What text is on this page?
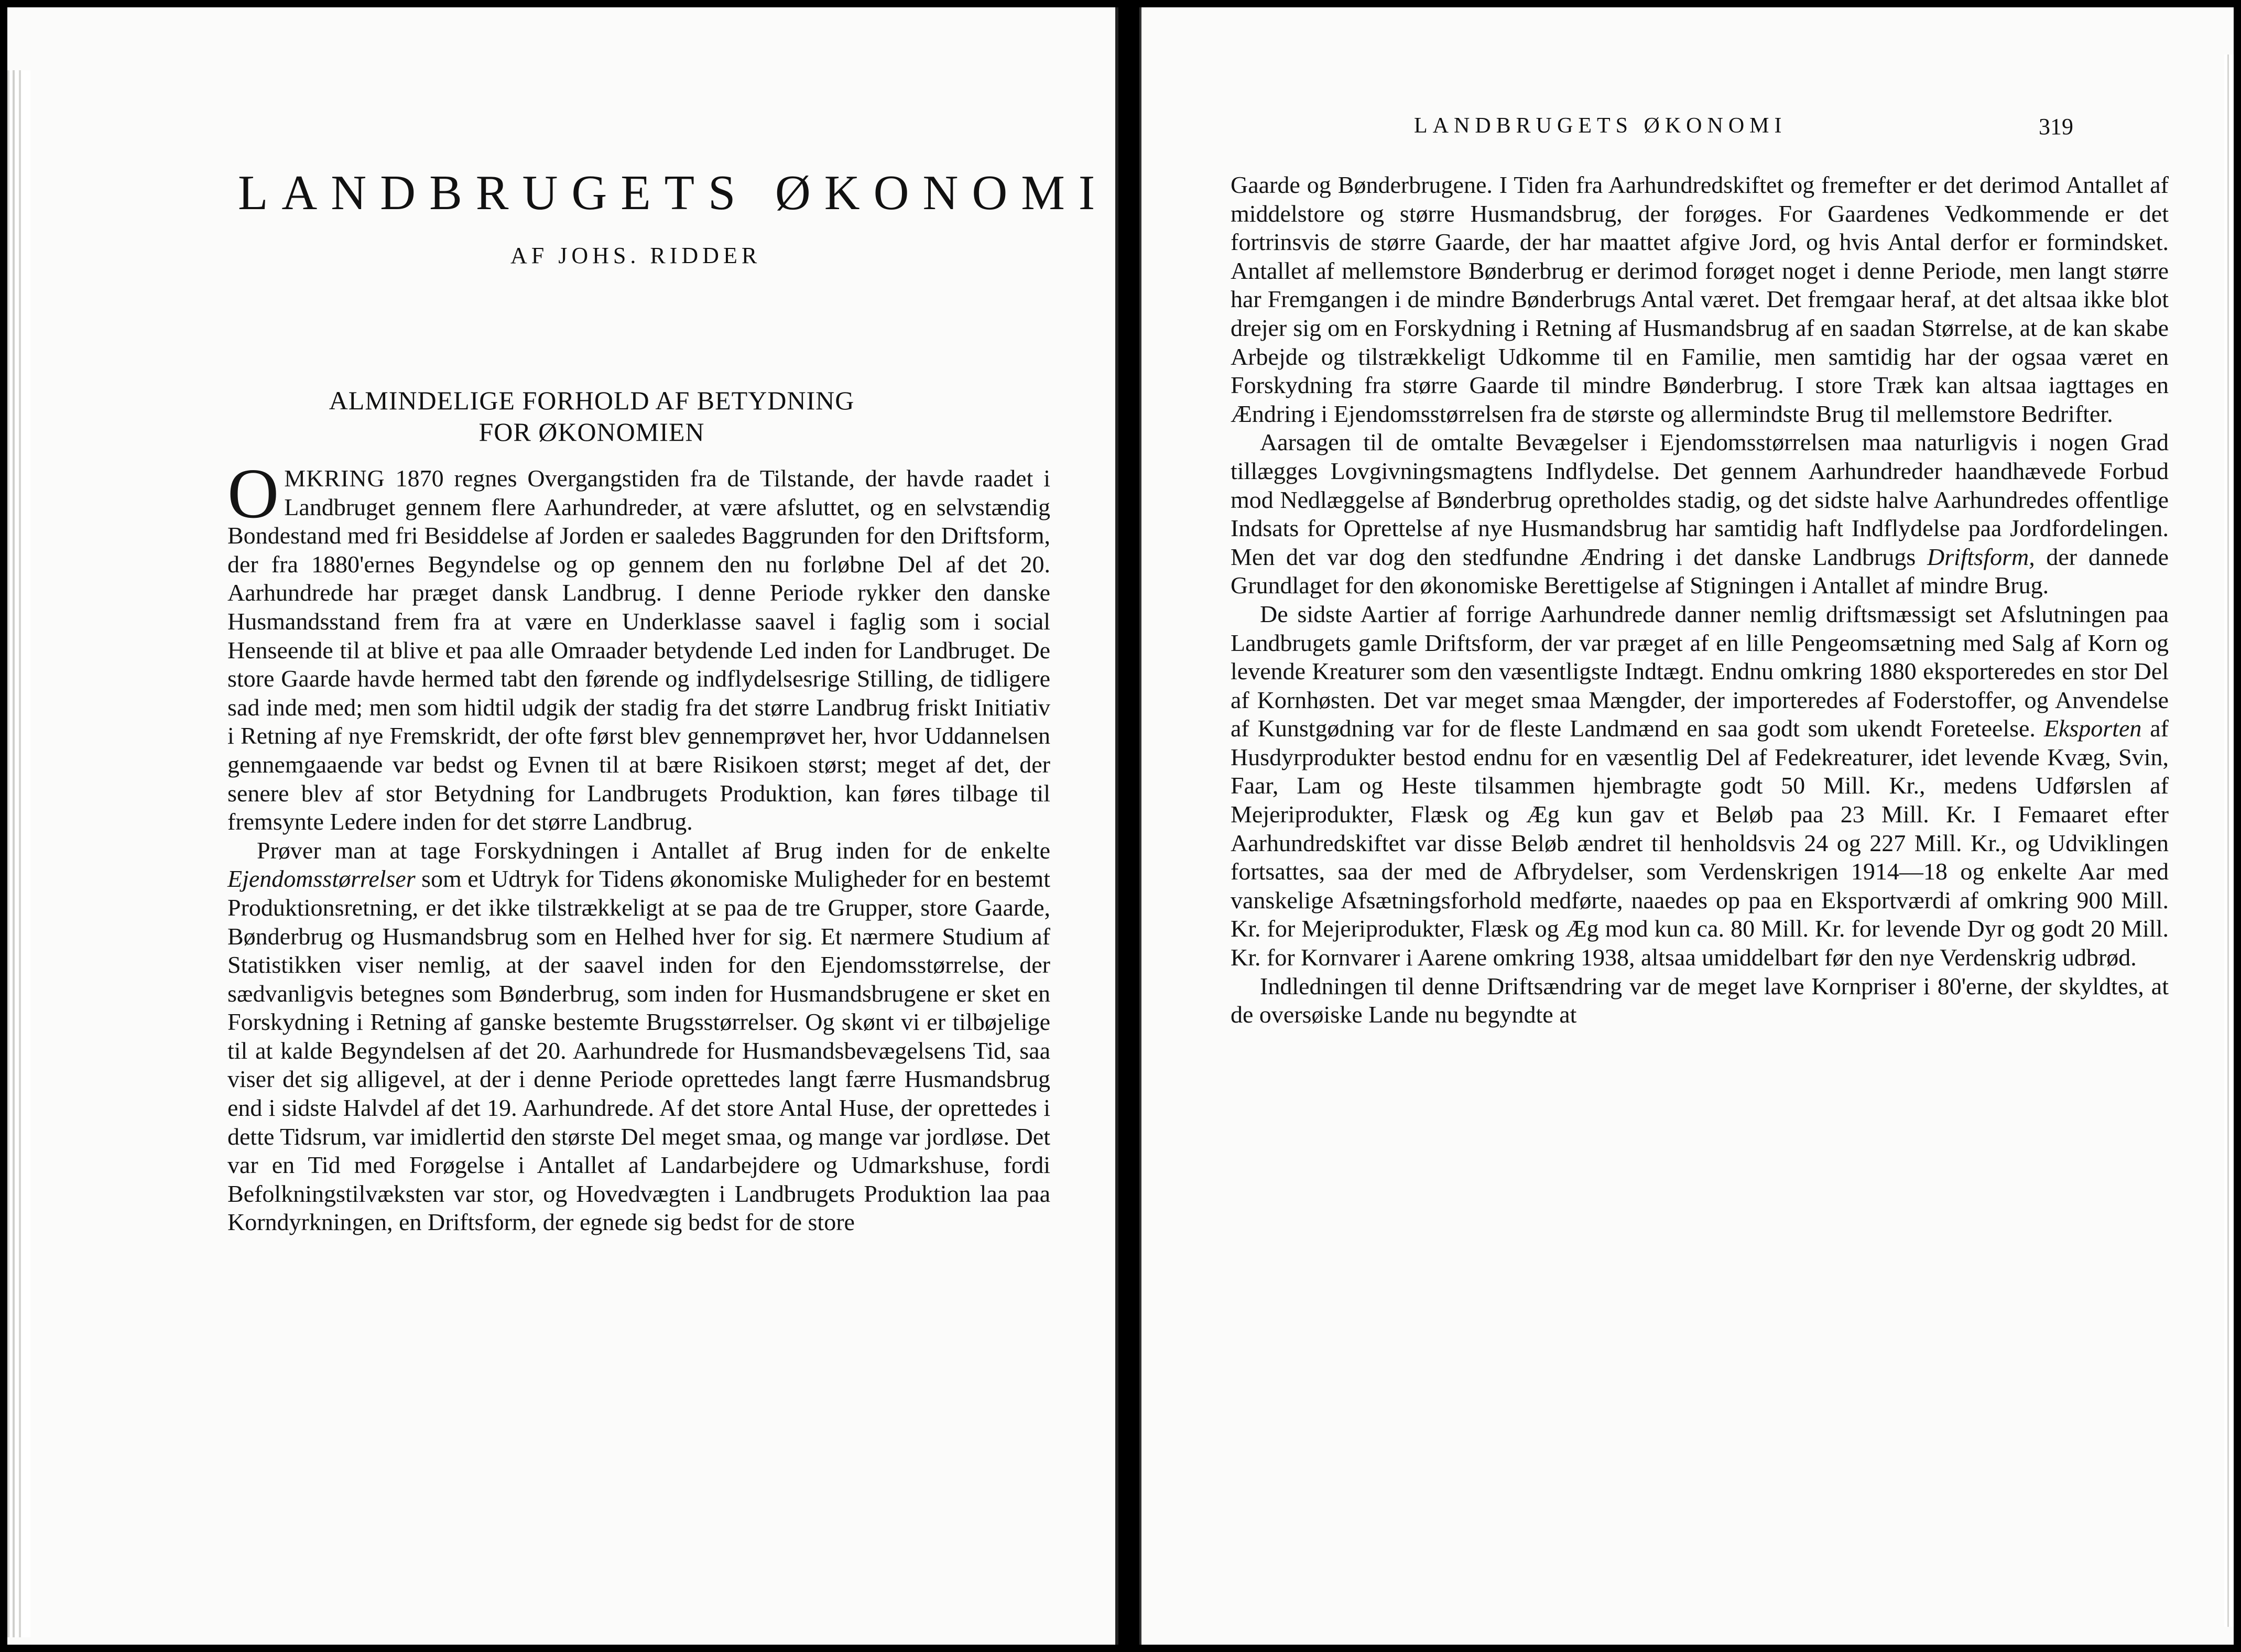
LANDBRUGETS ØKONOMI
AF JOHS. RIDDER
ALMINDELIGE FORHOLD AF BETYDNING
FOR ØKONOMIEN

OMKRING 1870 regnes Overgangstiden fra de Tilstande, der havde raadet i Landbruget gennem flere Aarhundreder, at være afsluttet, og en selvstændig Bondestand med fri Besiddelse af Jorden er saaledes Baggrunden for den Driftsform, der fra 1880'ernes Begyndelse og op gennem den nu forløbne Del af det 20. Aarhundrede har præget dansk Landbrug. I denne Periode rykker den danske Husmandsstand frem fra at være en Underklasse saavel i faglig som i social Henseende til at blive et paa alle Omraader betydende Led inden for Landbruget. De store Gaarde havde hermed tabt den førende og indflydelsesrige Stilling, de tidligere sad inde med; men som hidtil udgik der stadig fra det større Landbrug friskt Initiativ i Retning af nye Fremskridt, der ofte først blev gennemprøvet her, hvor Uddannelsen gennemgaaende var bedst og Evnen til at bære Risikoen størst; meget af det, der senere blev af stor Betydning for Landbrugets Produktion, kan føres tilbage til fremsynte Ledere inden for det større Landbrug.

Prøver man at tage Forskydningen i Antallet af Brug inden for de enkelte Ejendomsstørrelser som et Udtryk for Tidens økonomiske Muligheder for en bestemt Produktionsretning, er det ikke tilstrækkeligt at se paa de tre Grupper, store Gaarde, Bønderbrug og Husmandsbrug som en Helhed hver for sig. Et nærmere Studium af Statistikken viser nemlig, at der saavel inden for den Ejendomsstørrelse, der sædvanligvis betegnes som Bønderbrug, som inden for Husmandsbrugene er sket en Forskydning i Retning af ganske bestemte Brugsstørrelser. Og skønt vi er tilbøjelige til at kalde Begyndelsen af det 20. Aarhundrede for Husmandsbevægelsens Tid, saa viser det sig alligevel, at der i denne Periode oprettedes langt færre Husmandsbrug end i sidste Halvdel af det 19. Aarhundrede. Af det store Antal Huse, der oprettedes i dette Tidsrum, var imidlertid den største Del meget smaa, og mange var jordløse. Det var en Tid med Forøgelse i Antallet af Landarbejdere og Udmarkshuse, fordi Befolkningstilvæksten var stor, og Hovedvægten i Landbrugets Produktion laa paa Korndyrkningen, en Driftsform, der egnede sig bedst for de store

LANDBRUGETS ØKONOMI	319

Gaarde og Bønderbrugene. I Tiden fra Aarhundredskiftet og fremefter er det derimod Antallet af middelstore og større Husmandsbrug, der forøges. For Gaardenes Vedkommende er det fortrinsvis de større Gaarde, der har maattet afgive Jord, og hvis Antal derfor er formindsket. Antallet af mellemstore Bønderbrug er derimod forøget noget i denne Periode, men langt større har Fremgangen i de mindre Bønderbrugs Antal været. Det fremgaar heraf, at det altsaa ikke blot drejer sig om en Forskydning i Retning af Husmandsbrug af en saadan Størrelse, at de kan skabe Arbejde og tilstrækkeligt Udkomme til en Familie, men samtidig har der ogsaa været en Forskydning fra større Gaarde til mindre Bønderbrug. I store Træk kan altsaa iagttages en Ændring i Ejendomsstørrelsen fra de største og allermindste Brug til mellemstore Bedrifter.

Aarsagen til de omtalte Bevægelser i Ejendomsstørrelsen maa naturligvis i nogen Grad tillægges Lovgivningsmagtens Indflydelse. Det gennem Aarhundreder haandhævede Forbud mod Nedlæggelse af Bønderbrug opretholdes stadig, og det sidste halve Aarhundredes offentlige Indsats for Oprettelse af nye Husmandsbrug har samtidig haft Indflydelse paa Jordfordelingen. Men det var dog den stedfundne Ændring i det danske Landbrugs Driftsform, der dannede Grundlaget for den økonomiske Berettigelse af Stigningen i Antallet af mindre Brug.

De sidste Aartier af forrige Aarhundrede danner nemlig driftsmæssigt set Afslutningen paa Landbrugets gamle Driftsform, der var præget af en lille Pengeomsætning med Salg af Korn og levende Kreaturer som den væsentligste Indtægt. Endnu omkring 1880 eksporteredes en stor Del af Kornhøsten. Det var meget smaa Mængder, der importeredes af Foderstoffer, og Anvendelse af Kunstgødning var for de fleste Landmænd en saa godt som ukendt Foreteelse. Eksporten af Husdyrprodukter bestod endnu for en væsentlig Del af Fedekreaturer, idet levende Kvæg, Svin, Faar, Lam og Heste tilsammen hjembragte godt 50 Mill. Kr., medens Udførslen af Mejeriprodukter, Flæsk og Æg kun gav et Beløb paa 23 Mill. Kr. I Femaaret efter Aarhundredskiftet var disse Beløb ændret til henholdsvis 24 og 227 Mill. Kr., og Udviklingen fortsattes, saa der med de Afbrydelser, som Verdenskrigen 1914—18 og enkelte Aar med vanskelige Afsætningsforhold medførte, naaedes op paa en Eksportværdi af omkring 900 Mill. Kr. for Mejeriprodukter, Flæsk og Æg mod kun ca. 80 Mill. Kr. for levende Dyr og godt 20 Mill. Kr. for Kornvarer i Aarene omkring 1938, altsaa umiddelbart før den nye Verdenskrig udbrød.

Indledningen til denne Driftsændring var de meget lave Kornpriser i 80'erne, der skyldtes, at de oversøiske Lande nu begyndte at
